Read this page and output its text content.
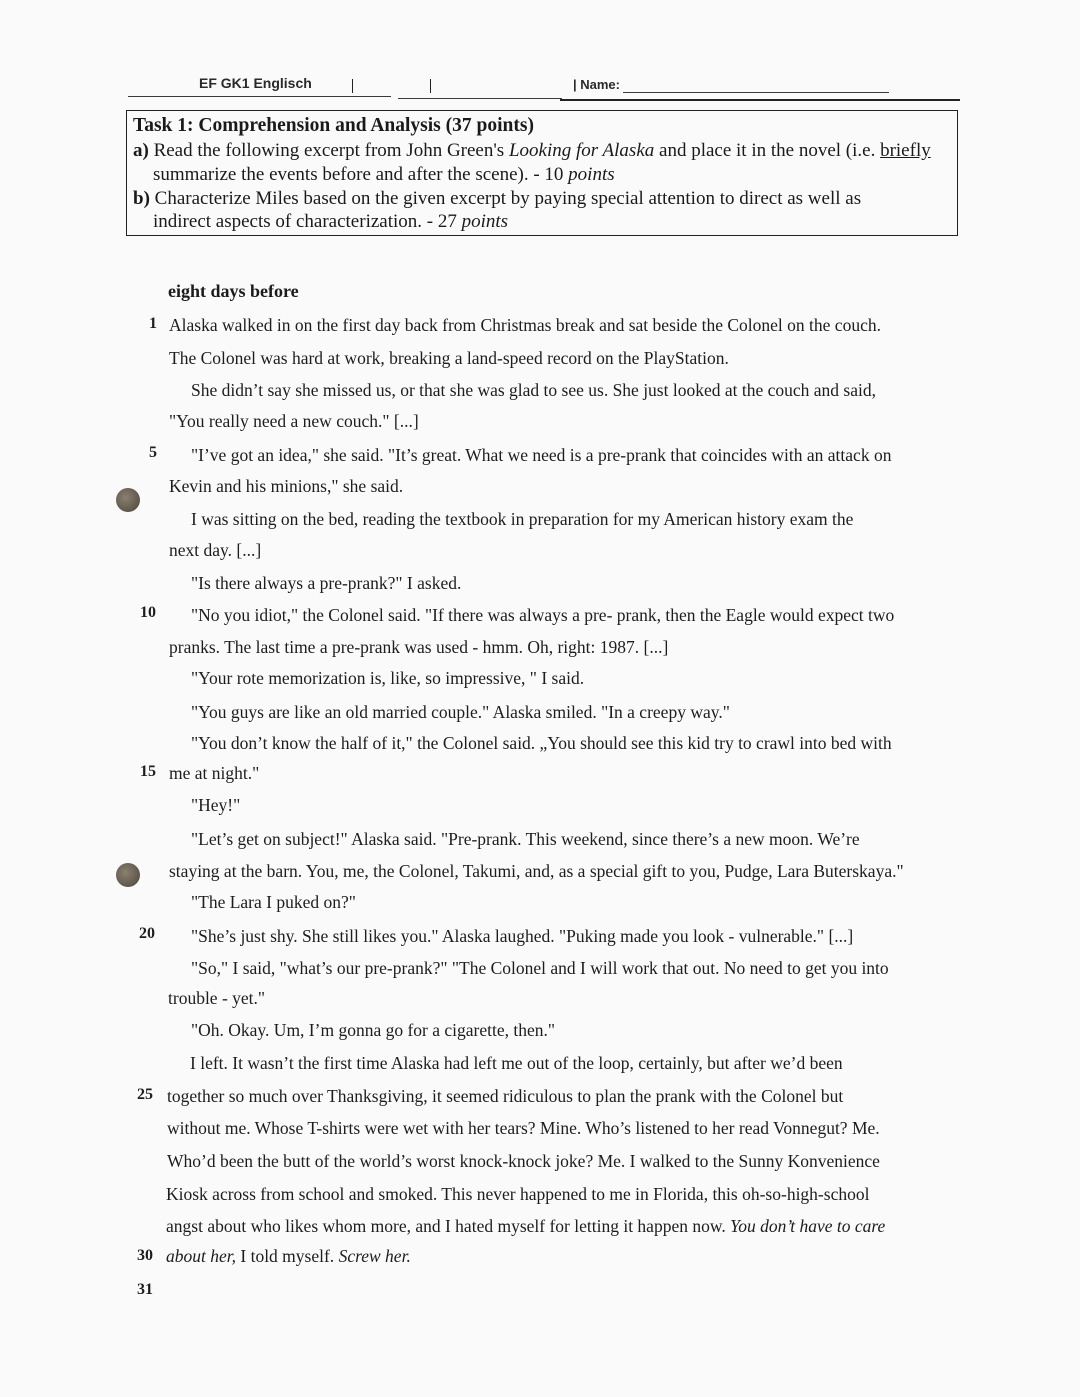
EF GK1 Englisch	| Name:
Task 1: Comprehension and Analysis (37 points)
a) Read the following excerpt from John Green's Looking for Alaska and place it in the novel (i.e. briefly
summarize the events before and after the scene). - 10 points
b) Characterize Miles based on the given excerpt by paying special attention to direct as well as
indirect aspects of characterization. - 27 points
eight days before
1
5
10
15
20
25
30
31
Alaska walked in on the first day back from Christmas break and sat beside the Colonel on the couch.
The Colonel was hard at work, breaking a land-speed record on the PlayStation.
She didn’t say she missed us, or that she was glad to see us. She just looked at the couch and said,
"You really need a new couch." [...]
"I’ve got an idea," she said. "It’s great. What we need is a pre-prank that coincides with an attack on
Kevin and his minions," she said.
I was sitting on the bed, reading the textbook in preparation for my American history exam the
next day. [...]
"Is there always a pre-prank?" I asked.
"No you idiot," the Colonel said. "If there was always a pre- prank, then the Eagle would expect two
pranks. The last time a pre-prank was used - hmm. Oh, right: 1987. [...]
"Your rote memorization is, like, so impressive, " I said.
"You guys are like an old married couple." Alaska smiled. "In a creepy way."
"You don’t know the half of it," the Colonel said. „You should see this kid try to crawl into bed with
me at night."
"Hey!"
"Let’s get on subject!" Alaska said. "Pre-prank. This weekend, since there’s a new moon. We’re
staying at the barn. You, me, the Colonel, Takumi, and, as a special gift to you, Pudge, Lara Buterskaya."
"The Lara I puked on?"
"She’s just shy. She still likes you." Alaska laughed. "Puking made you look - vulnerable." [...]
"So," I said, "what’s our pre-prank?" "The Colonel and I will work that out. No need to get you into
trouble - yet."
"Oh. Okay. Um, I’m gonna go for a cigarette, then."
I left. It wasn’t the first time Alaska had left me out of the loop, certainly, but after we’d been
together so much over Thanksgiving, it seemed ridiculous to plan the prank with the Colonel but
without me. Whose T-shirts were wet with her tears? Mine. Who’s listened to her read Vonnegut? Me.
Who’d been the butt of the world’s worst knock-knock joke? Me. I walked to the Sunny Konvenience
Kiosk across from school and smoked. This never happened to me in Florida, this oh-so-high-school
angst about who likes whom more, and I hated myself for letting it happen now. You don’t have to care
about her, I told myself. Screw her.
